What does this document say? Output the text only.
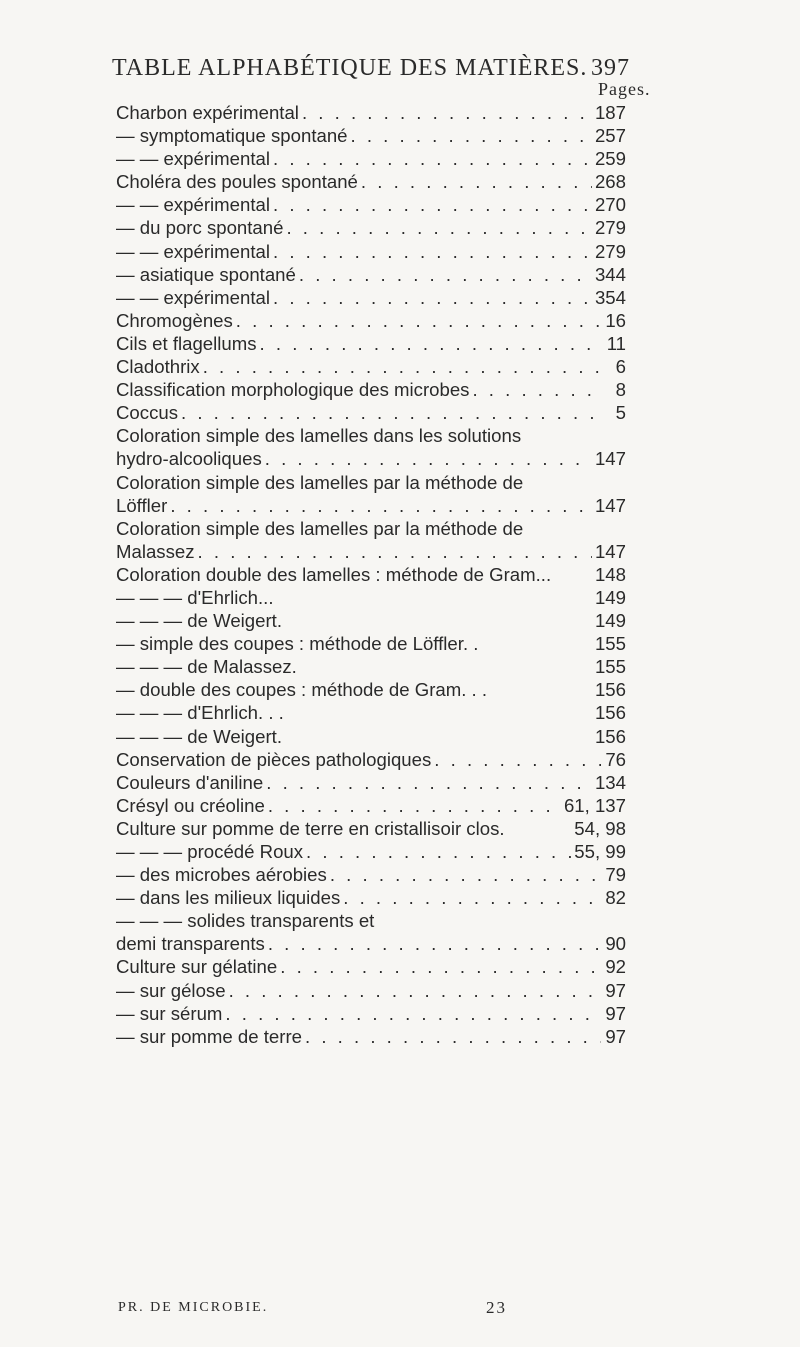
TABLE ALPHABÉTIQUE DES MATIÈRES. 397
Pages.
Charbon expérimental . . .	187
— symptomatique spontané . . .	257
— — expérimental . . .	259
Choléra des poules spontané . . .	268
— — expérimental . . .	270
— du porc spontané . . .	279
— — expérimental . . .	279
— asiatique spontané . . .	344
— — expérimental . . .	354
Chromogènes . . .	16
Cils et flagellums . . .	11
Cladothrix . . .	6
Classification morphologique des microbes . . .	8
Coccus . . .	5
Coloration simple des lamelles dans les solutions
hydro-alcooliques . . .	147
Coloration simple des lamelles par la méthode de
Löffler . . .	147
Coloration simple des lamelles par la méthode de
Malassez . . .	147
Coloration double des lamelles : méthode de Gram...	148
— — — d'Ehrlich...	149
— — — de Weigert.	149
— simple des coupes : méthode de Löffler. .	155
— — — de Malassez.	155
— double des coupes : méthode de Gram. . .	156
— — — d'Ehrlich. . .	156
— — — de Weigert.	156
Conservation de pièces pathologiques . . .	76
Couleurs d'aniline . . .	134
Crésyl ou créoline . . .	61, 137
Culture sur pomme de terre en cristallisoir clos.	54, 98
— — — procédé Roux . . .	55, 99
— des microbes aérobies . . .	79
— dans les milieux liquides . . .	82
— — — solides transparents et
demi transparents . . .	90
Culture sur gélatine . . .	92
— sur gélose . . .	97
— sur sérum . . .	97
— sur pomme de terre . . .	97
PR. DE MICROBIE.	23
